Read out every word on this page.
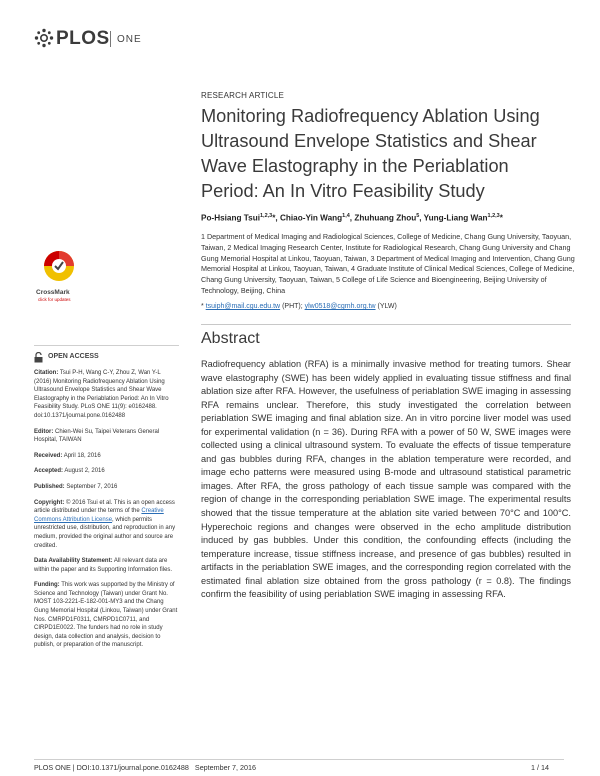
PLOS ONE
RESEARCH ARTICLE
Monitoring Radiofrequency Ablation Using Ultrasound Envelope Statistics and Shear Wave Elastography in the Periablation Period: An In Vitro Feasibility Study
Po-Hsiang Tsui$^{1,2,3}$*, Chiao-Yin Wang$^{1,4}$, Zhuhuang Zhou$^5$, Yung-Liang Wan$^{1,2,3}$*
1 Department of Medical Imaging and Radiological Sciences, College of Medicine, Chang Gung University, Taoyuan, Taiwan, 2 Medical Imaging Research Center, Institute for Radiological Research, Chang Gung University and Chang Gung Memorial Hospital at Linkou, Taoyuan, Taiwan, 3 Department of Medical Imaging and Intervention, Chang Gung Memorial Hospital at Linkou, Taoyuan, Taiwan, 4 Graduate Institute of Clinical Medical Sciences, College of Medicine, Chang Gung University, Taoyuan, Taiwan, 5 College of Life Science and Bioengineering, Beijing University of Technology, Beijing, China
* tsuiph@mail.cgu.edu.tw (PHT); ylw0518@cgmh.org.tw (YLW)
Abstract
Radiofrequency ablation (RFA) is a minimally invasive method for treating tumors. Shear wave elastography (SWE) has been widely applied in evaluating tissue stiffness and final ablation size after RFA. However, the usefulness of periablation SWE imaging in assessing RFA remains unclear. Therefore, this study investigated the correlation between periablation SWE imaging and final ablation size. An in vitro porcine liver model was used for experimental validation (n = 36). During RFA with a power of 50 W, SWE images were collected using a clinical ultrasound system. To evaluate the effects of tissue temperature and gas bubbles during RFA, changes in the ablation temperature were recorded, and image echo patterns were measured using B-mode and ultrasound statistical parametric images. After RFA, the gross pathology of each tissue sample was compared with the region of change in the corresponding periablation SWE image. The experimental results showed that the tissue temperature at the ablation site varied between 70°C and 100°C. Hyperechoic regions and changes were observed in the echo amplitude distribution induced by gas bubbles. Under this condition, the confounding effects (including the temperature increase, tissue stiffness increase, and presence of gas bubbles) resulted in artifacts in the periablation SWE images, and the corresponding region correlated with the estimated final ablation size obtained from the gross pathology (r = 0.8). The findings confirm the feasibility of using periablation SWE imaging in assessing RFA.
CrossMark
click for updates
OPEN ACCESS
Citation: Tsui P-H, Wang C-Y, Zhou Z, Wan Y-L (2016) Monitoring Radiofrequency Ablation Using Ultrasound Envelope Statistics and Shear Wave Elastography in the Periablation Period: An In Vitro Feasibility Study. PLoS ONE 11(9): e0162488. doi:10.1371/journal.pone.0162488
Editor: Chien-Wei Su, Taipei Veterans General Hospital, TAIWAN
Received: April 18, 2016
Accepted: August 2, 2016
Published: September 7, 2016
Copyright: © 2016 Tsui et al. This is an open access article distributed under the terms of the Creative Commons Attribution License, which permits unrestricted use, distribution, and reproduction in any medium, provided the original author and source are credited.
Data Availability Statement: All relevant data are within the paper and its Supporting Information files.
Funding: This work was supported by the Ministry of Science and Technology (Taiwan) under Grant No. MOST 103-2221-E-182-001-MY3 and the Chang Gung Memorial Hospital (Linkou, Taiwan) under Grant Nos. CMRPD1F0311, CMRPD1C0711, and CIRPD1E0022. The funders had no role in study design, data collection and analysis, decision to publish, or preparation of the manuscript.
PLOS ONE | DOI:10.1371/journal.pone.0162488   September 7, 2016	1 / 14
